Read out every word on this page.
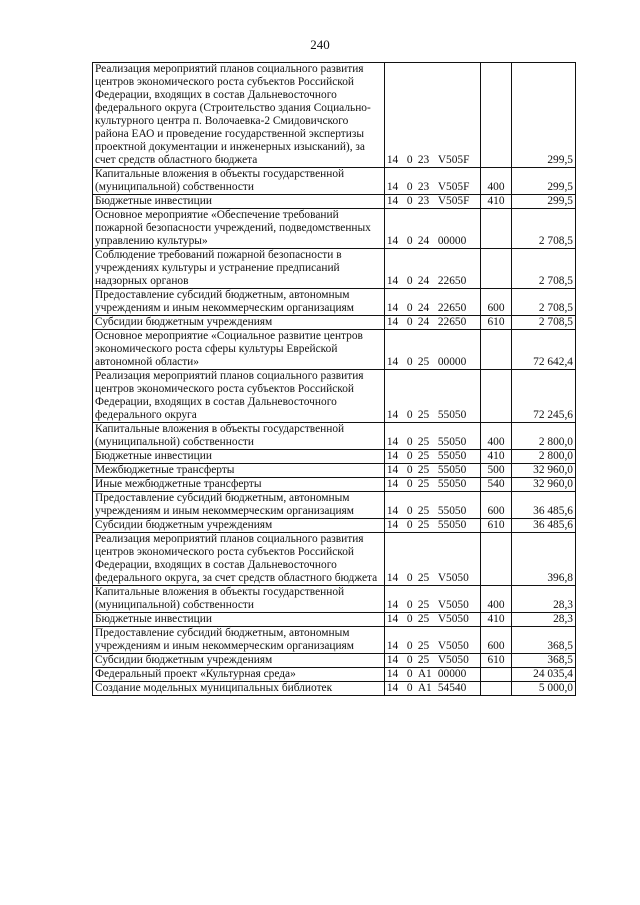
240
Реализация мероприятий планов социального развития центров экономического роста субъектов Российской Федерации, входящих в состав Дальневосточного федерального округа (Строительство здания Социально-культурного центра п. Волочаевка-2 Смидовичского района ЕАО и проведение государственной экспертизы проектной документации и инженерных изысканий), за счет средств областного бюджета	14 0 23 V505F		299,5
Капитальные вложения в объекты государственной (муниципальной) собственности	14 0 23 V505F	400	299,5
Бюджетные инвестиции	14 0 23 V505F	410	299,5
Основное мероприятие «Обеспечение требований пожарной безопасности учреждений, подведомственных управлению культуры»	14 0 24 00000		2 708,5
Соблюдение требований пожарной безопасности в учреждениях культуры и устранение предписаний надзорных органов	14 0 24 22650		2 708,5
Предоставление субсидий бюджетным, автономным учреждениям и иным некоммерческим организациям	14 0 24 22650	600	2 708,5
Субсидии бюджетным учреждениям	14 0 24 22650	610	2 708,5
Основное мероприятие «Социальное развитие центров экономического роста сферы культуры Еврейской автономной области»	14 0 25 00000		72 642,4
Реализация мероприятий планов социального развития центров экономического роста субъектов Российской Федерации, входящих в состав Дальневосточного федерального округа	14 0 25 55050		72 245,6
Капитальные вложения в объекты государственной (муниципальной) собственности	14 0 25 55050	400	2 800,0
Бюджетные инвестиции	14 0 25 55050	410	2 800,0
Межбюджетные трансферты	14 0 25 55050	500	32 960,0
Иные межбюджетные трансферты	14 0 25 55050	540	32 960,0
Предоставление субсидий бюджетным, автономным учреждениям и иным некоммерческим организациям	14 0 25 55050	600	36 485,6
Субсидии бюджетным учреждениям	14 0 25 55050	610	36 485,6
Реализация мероприятий планов социального развития центров экономического роста субъектов Российской Федерации, входящих в состав Дальневосточного федерального округа, за счет средств областного бюджета	14 0 25 V5050		396,8
Капитальные вложения в объекты государственной (муниципальной) собственности	14 0 25 V5050	400	28,3
Бюджетные инвестиции	14 0 25 V5050	410	28,3
Предоставление субсидий бюджетным, автономным учреждениям и иным некоммерческим организациям	14 0 25 V5050	600	368,5
Субсидии бюджетным учреждениям	14 0 25 V5050	610	368,5
Федеральный проект «Культурная среда»	14 0 A1 00000		24 035,4
Создание модельных муниципальных библиотек	14 0 A1 54540		5 000,0
